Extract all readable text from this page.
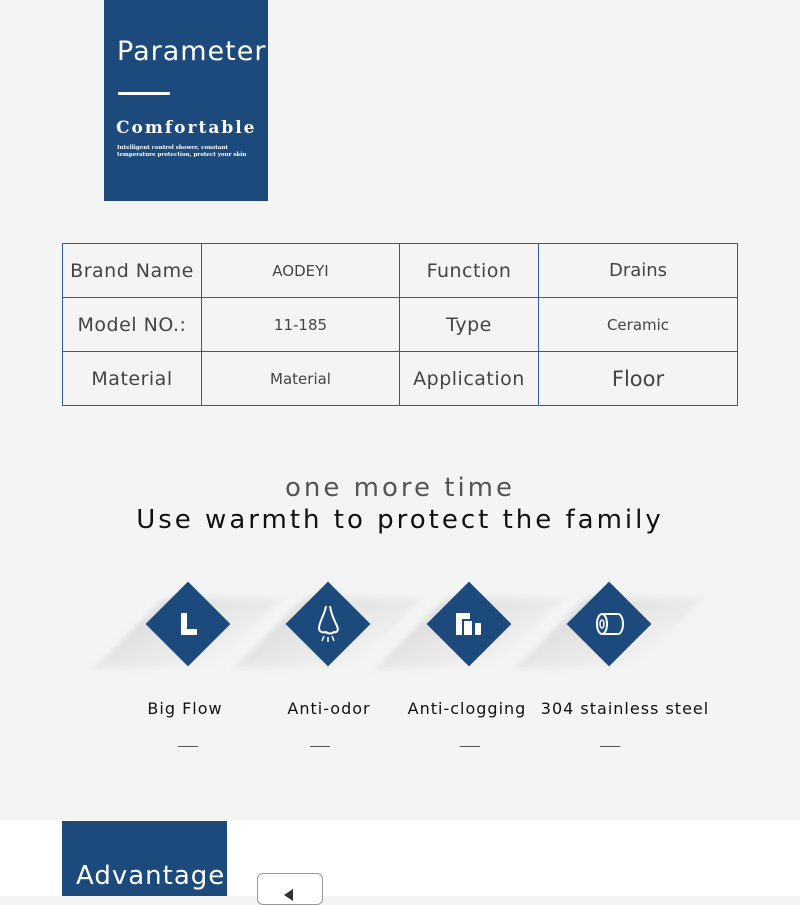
Parameter
Comfortable
Intelligent control shower, constant temperature protection, protect your skin
Brand Name	AODEYI	Function	Drains
Model NO.:	11-185	Type	Ceramic
Material	Material	Application	Floor
one more time
Use warmth to protect the family
Big Flow	Anti-odor	Anti-clogging 304 stainless steel
Advantage
